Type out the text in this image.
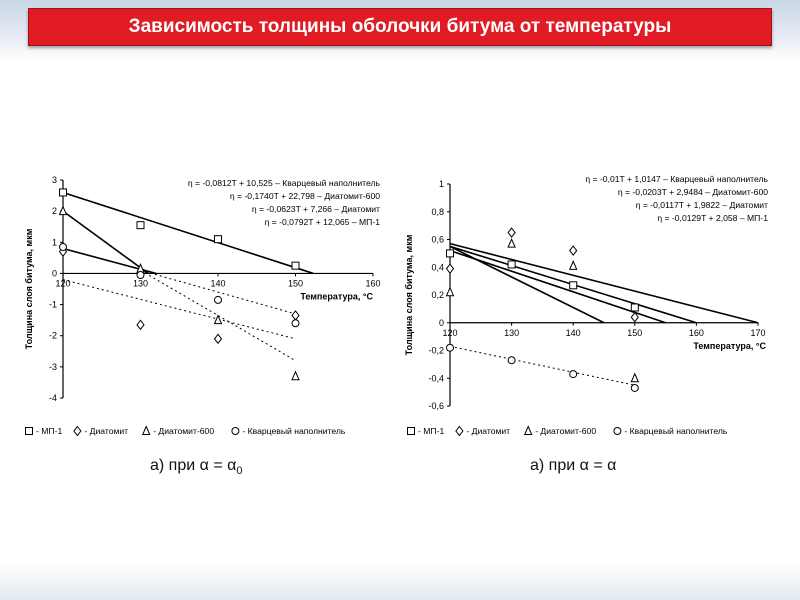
Зависимость толщины оболочки битума от температуры
-4
-3
-2
-1
0
1
2
3
120	130	140	150	160
Температура, °С
Толщина слоя битума, мкм
η = -0,0812T + 10,525 – Кварцевый наполнитель
η = -0,1740T + 22,798 – Диатомит-600
η = -0,0623T + 7,266 – Диатомит
η = -0,0792T + 12,065 – МП-1
- МП-1	- Диатомит	- Диатомит-600	- Кварцевый наполнитель
-0,6
-0,4
-0,2
0
0,2
0,4
0,6
0,8
1
120	130	140	150	160	170
Температура, °С
Толщина слоя битума, мкм
η = -0,01T + 1,0147 – Кварцевый наполнитель
η = -0,0203T + 2,9484 – Диатомит-600
η = -0,0117T + 1,9822 – Диатомит
η = -0,0129T + 2,058 – МП-1
- МП-1	- Диатомит	- Диатомит-600	- Кварцевый наполнитель
а) при $\alpha = \alpha_0$	а) при α = α
